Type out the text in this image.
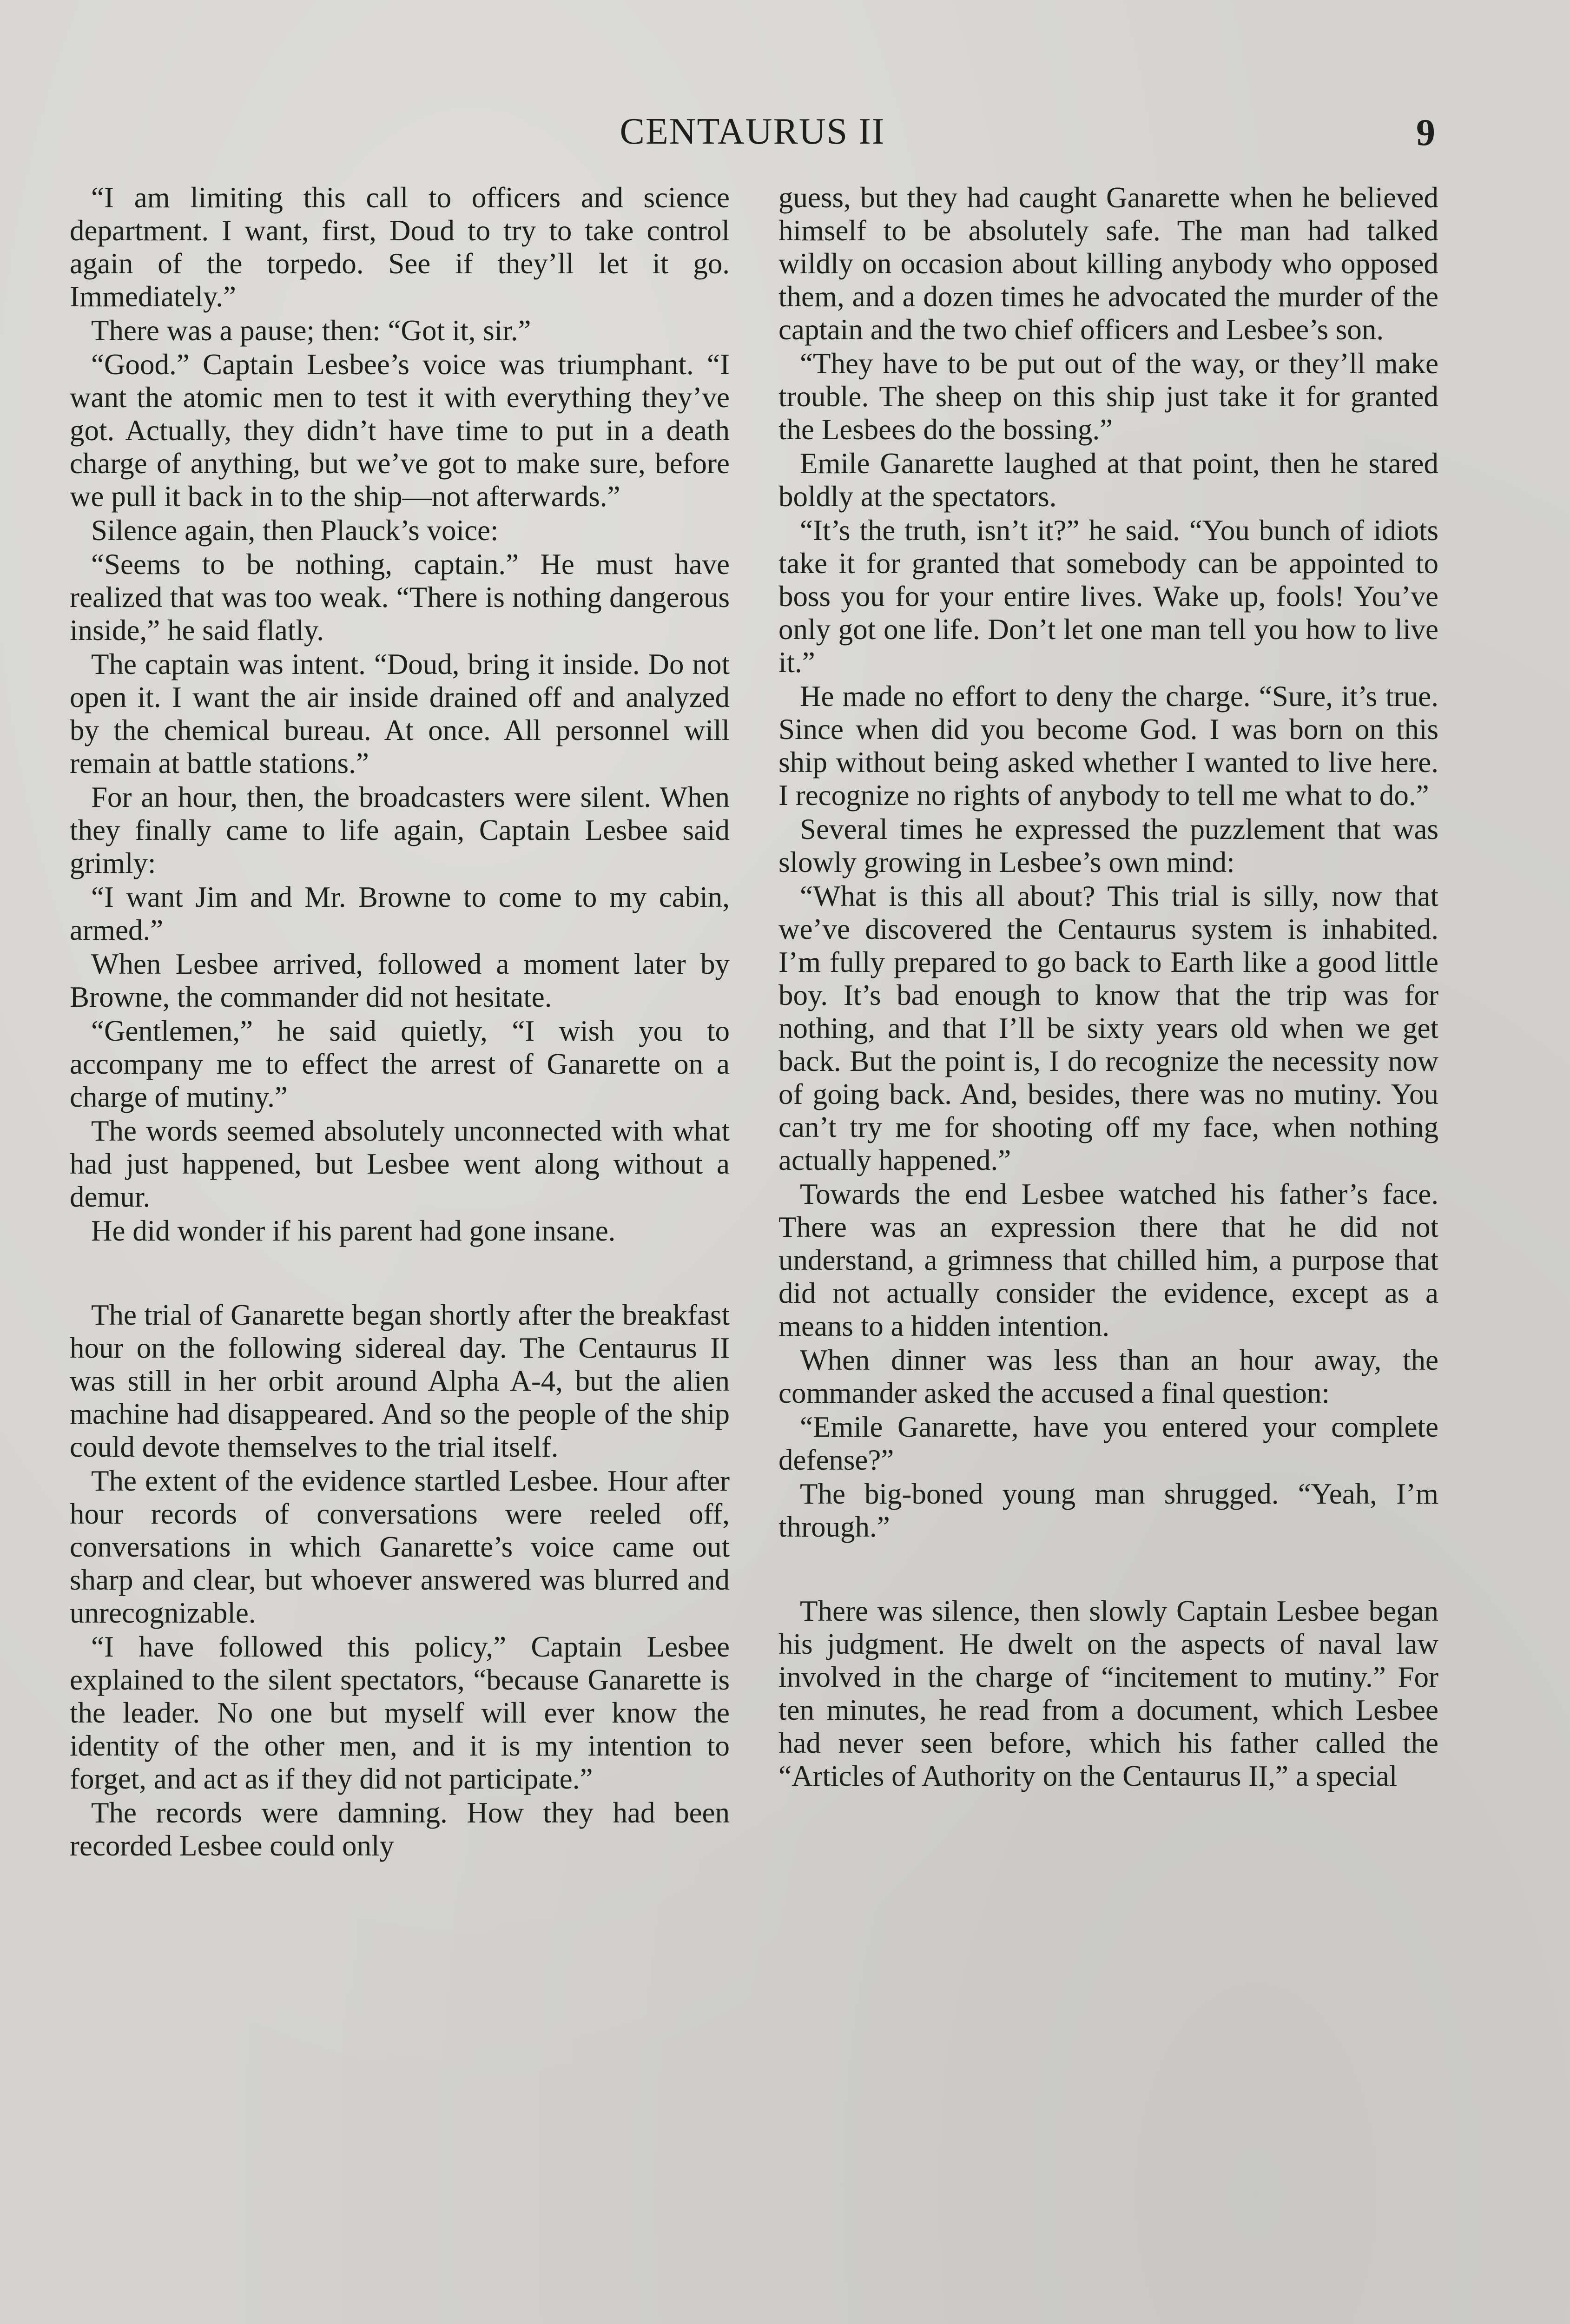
CENTAURUS II	9

“I am limiting this call to officers and science department. I want, first, Doud to try to take control again of the torpedo. See if they’ll let it go. Immediately.”

There was a pause; then: “Got it, sir.”

“Good.” Captain Lesbee’s voice was triumphant. “I want the atomic men to test it with everything they’ve got. Actually, they didn’t have time to put in a death charge of anything, but we’ve got to make sure, before we pull it back in to the ship—not afterwards.”

Silence again, then Plauck’s voice:

“Seems to be nothing, captain.” He must have realized that was too weak. “There is nothing dangerous inside,” he said flatly.

The captain was intent. “Doud, bring it inside. Do not open it. I want the air inside drained off and analyzed by the chemical bureau. At once. All personnel will remain at battle stations.”

For an hour, then, the broadcasters were silent. When they finally came to life again, Captain Lesbee said grimly:

“I want Jim and Mr. Browne to come to my cabin, armed.”

When Lesbee arrived, followed a moment later by Browne, the commander did not hesitate.

“Gentlemen,” he said quietly, “I wish you to accompany me to effect the arrest of Ganarette on a charge of mutiny.”

The words seemed absolutely unconnected with what had just happened, but Lesbee went along without a demur.

He did wonder if his parent had gone insane.

The trial of Ganarette began shortly after the breakfast hour on the following sidereal day. The Centaurus II was still in her orbit around Alpha A-4, but the alien machine had disappeared. And so the people of the ship could devote themselves to the trial itself.

The extent of the evidence startled Lesbee. Hour after hour records of conversations were reeled off, conversations in which Ganarette’s voice came out sharp and clear, but whoever answered was blurred and unrecognizable.

“I have followed this policy,” Captain Lesbee explained to the silent spectators, “because Ganarette is the leader. No one but myself will ever know the identity of the other men, and it is my intention to forget, and act as if they did not participate.”

The records were damning. How they had been recorded Lesbee could only

guess, but they had caught Ganarette when he believed himself to be absolutely safe. The man had talked wildly on occasion about killing anybody who opposed them, and a dozen times he advocated the murder of the captain and the two chief officers and Lesbee’s son.

“They have to be put out of the way, or they’ll make trouble. The sheep on this ship just take it for granted the Lesbees do the bossing.”

Emile Ganarette laughed at that point, then he stared boldly at the spectators.

“It’s the truth, isn’t it?” he said. “You bunch of idiots take it for granted that somebody can be appointed to boss you for your entire lives. Wake up, fools! You’ve only got one life. Don’t let one man tell you how to live it.”

He made no effort to deny the charge. “Sure, it’s true. Since when did you become God. I was born on this ship without being asked whether I wanted to live here. I recognize no rights of anybody to tell me what to do.”

Several times he expressed the puzzlement that was slowly growing in Lesbee’s own mind:

“What is this all about? This trial is silly, now that we’ve discovered the Centaurus system is inhabited. I’m fully prepared to go back to Earth like a good little boy. It’s bad enough to know that the trip was for nothing, and that I’ll be sixty years old when we get back. But the point is, I do recognize the necessity now of going back. And, besides, there was no mutiny. You can’t try me for shooting off my face, when nothing actually happened.”

Towards the end Lesbee watched his father’s face. There was an expression there that he did not understand, a grimness that chilled him, a purpose that did not actually consider the evidence, except as a means to a hidden intention.

When dinner was less than an hour away, the commander asked the accused a final question:

“Emile Ganarette, have you entered your complete defense?”

The big-boned young man shrugged. “Yeah, I’m through.”

There was silence, then slowly Captain Lesbee began his judgment. He dwelt on the aspects of naval law involved in the charge of “incitement to mutiny.” For ten minutes, he read from a document, which Lesbee had never seen before, which his father called the “Articles of Authority on the Centaurus II,” a special
